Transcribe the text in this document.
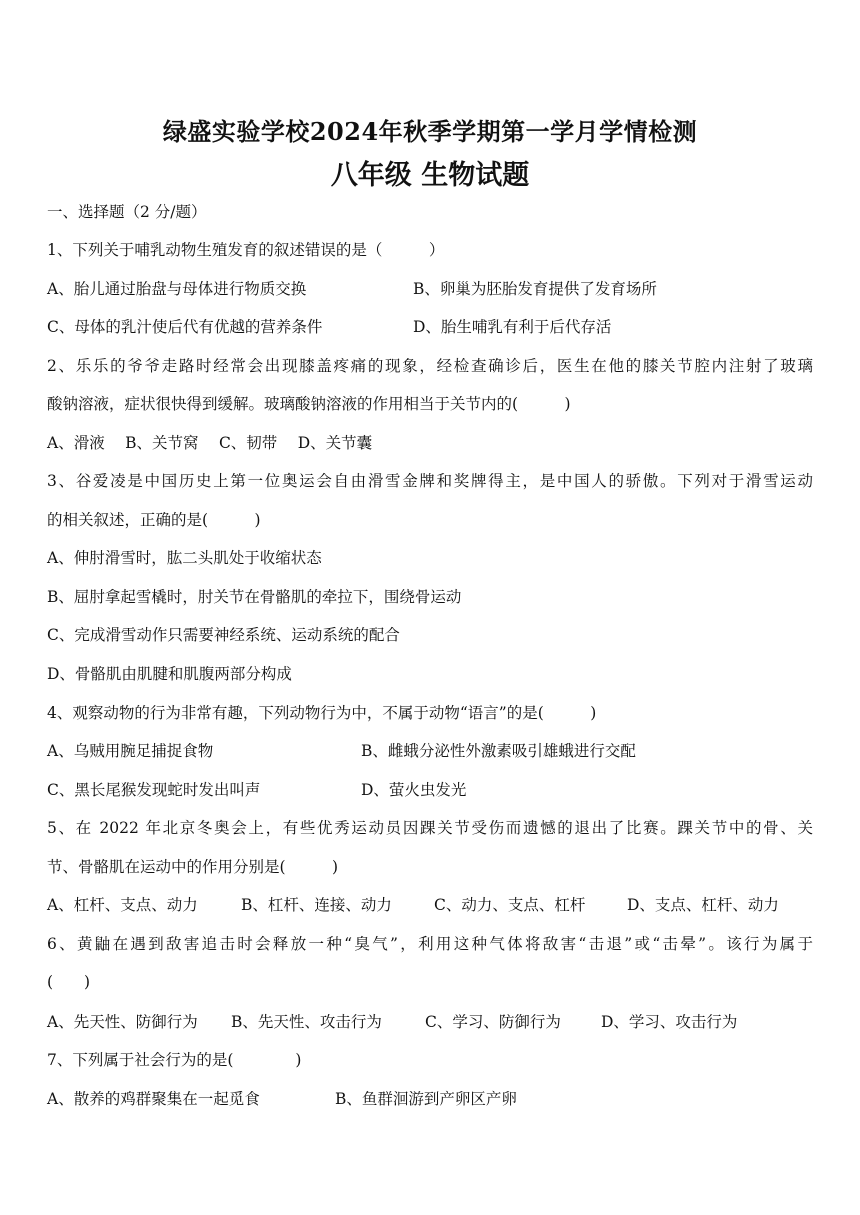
绿盛实验学校2024年秋季学期第一学月学情检测
八年级 生物试题
一、选择题（2 分/题）
1、下列关于哺乳动物生殖发育的叙述错误的是（　　　）
A、胎儿通过胎盘与母体进行物质交换	B、卵巢为胚胎发育提供了发育场所
C、母体的乳汁使后代有优越的营养条件	D、胎生哺乳有利于后代存活
2、乐乐的爷爷走路时经常会出现膝盖疼痛的现象，经检查确诊后，医生在他的膝关节腔内注射了玻璃
酸钠溶液，症状很快得到缓解。玻璃酸钠溶液的作用相当于关节内的(　　　)
A、滑液　 B、关节窝　 C、韧带　 D、关节囊
3、谷爱凌是中国历史上第一位奥运会自由滑雪金牌和奖牌得主，是中国人的骄傲。下列对于滑雪运动
的相关叙述，正确的是(　　　)
A、伸肘滑雪时，肱二头肌处于收缩状态
B、屈肘拿起雪橇时，肘关节在骨骼肌的牵拉下，围绕骨运动
C、完成滑雪动作只需要神经系统、运动系统的配合
D、骨骼肌由肌腱和肌腹两部分构成
4、观察动物的行为非常有趣，下列动物行为中，不属于动物“语言”的是(　　　)
A、乌贼用腕足捕捉食物	B、雌蛾分泌性外激素吸引雄蛾进行交配
C、黑长尾猴发现蛇时发出叫声	D、萤火虫发光
5、在 2022 年北京冬奥会上，有些优秀运动员因踝关节受伤而遗憾的退出了比赛。踝关节中的骨、关
节、骨骼肌在运动中的作用分别是(　　　)
A、杠杆、支点、动力	B、杠杆、连接、动力	C、动力、支点、杠杆	D、支点、杠杆、动力
6、黄鼬在遇到敌害追击时会释放一种“臭气”，利用这种气体将敌害“击退”或“击晕”。该行为属于
(　　)
A、先天性、防御行为 B、先天性、攻击行为	C、学习、防御行为	D、学习、攻击行为
7、下列属于社会行为的是(　　　　)
A、散养的鸡群聚集在一起觅食	B、鱼群洄游到产卵区产卵
